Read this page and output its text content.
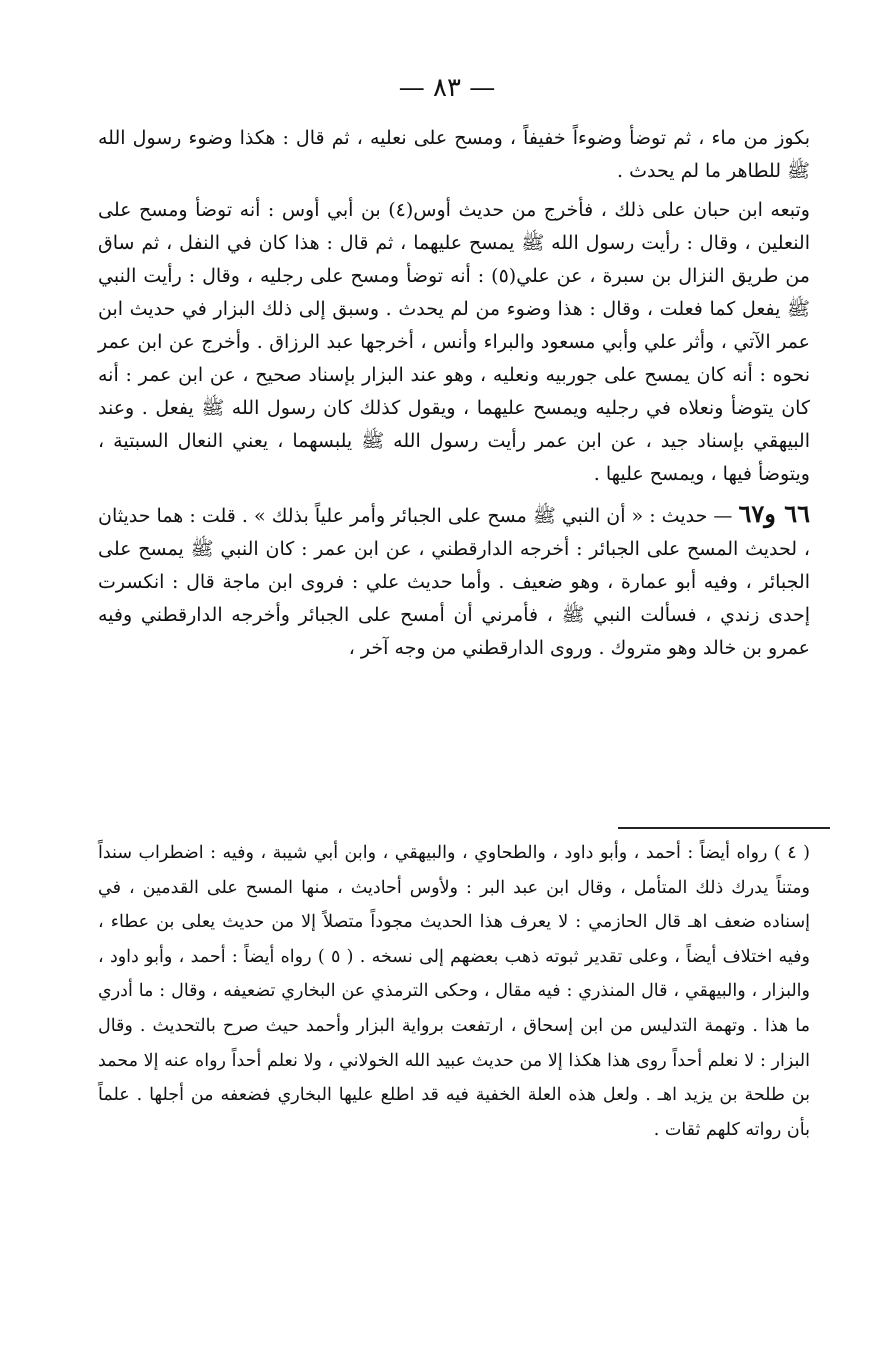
— ٨٣ —

بكوز من ماء ، ثم توضأ وضوءاً خفيفاً ، ومسح على نعليه ، ثم قال : هكذا وضوء رسول الله ﷺ للطاهر ما لم يحدث .

وتبعه ابن حبان على ذلك ، فأخرج من حديث أوس(٤) بن أبي أوس : أنه توضأ ومسح على النعلين ، وقال : رأيت رسول الله ﷺ يمسح عليهما ، ثم قال : هذا كان في النفل ، ثم ساق من طريق النزال بن سبرة ، عن علي(٥) : أنه توضأ ومسح على رجليه ، وقال : رأيت النبي ﷺ يفعل كما فعلت ، وقال : هذا وضوء من لم يحدث . وسبق إلى ذلك البزار في حديث ابن عمر الآتي ، وأثر علي وأبي مسعود والبراء وأنس ، أخرجها عبد الرزاق . وأخرج عن ابن عمر نحوه : أنه كان يمسح على جوربيه ونعليه ، وهو عند البزار بإسناد صحيح ، عن ابن عمر : أنه كان يتوضأ ونعلاه في رجليه ويمسح عليهما ، ويقول كذلك كان رسول الله ﷺ يفعل . وعند البيهقي بإسناد جيد ، عن ابن عمر رأيت رسول الله ﷺ يلبسهما ، يعني النعال السبتية ، ويتوضأ فيها ، ويمسح عليها .

٦٦ و٦٧ — حديث : « أن النبي ﷺ مسح على الجبائر وأمر علياً بذلك » . قلت : هما حديثان ، لحديث المسح على الجبائر : أخرجه الدارقطني ، عن ابن عمر : كان النبي ﷺ يمسح على الجبائر ، وفيه أبو عمارة ، وهو ضعيف . وأما حديث علي : فروى ابن ماجة قال : انكسرت إحدى زندي ، فسألت النبي ﷺ ، فأمرني أن أمسح على الجبائر وأخرجه الدارقطني وفيه عمرو بن خالد وهو متروك . وروى الدارقطني من وجه آخر ،

( ٤ ) رواه أيضاً : أحمد ، وأبو داود ، والطحاوي ، والبيهقي ، وابن أبي شيبة ، وفيه : اضطراب سنداً ومتناً يدرك ذلك المتأمل ، وقال ابن عبد البر : ولأوس أحاديث ، منها المسح على القدمين ، في إسناده ضعف اهـ قال الحازمي : لا يعرف هذا الحديث مجوداً متصلاً إلا من حديث يعلى بن عطاء ، وفيه اختلاف أيضاً ، وعلى تقدير ثبوته ذهب بعضهم إلى نسخه . ( ٥ ) رواه أيضاً : أحمد ، وأبو داود ، والبزار ، والبيهقي ، قال المنذري : فيه مقال ، وحكى الترمذي عن البخاري تضعيفه ، وقال : ما أدري ما هذا . وتهمة التدليس من ابن إسحاق ، ارتفعت برواية البزار وأحمد حيث صرح بالتحديث . وقال البزار : لا نعلم أحداً روى هذا هكذا إلا من حديث عبيد الله الخولاني ، ولا نعلم أحداً رواه عنه إلا محمد بن طلحة بن يزيد اهـ . ولعل هذه العلة الخفية فيه قد اطلع عليها البخاري فضعفه من أجلها . علماً بأن رواته كلهم ثقات .
